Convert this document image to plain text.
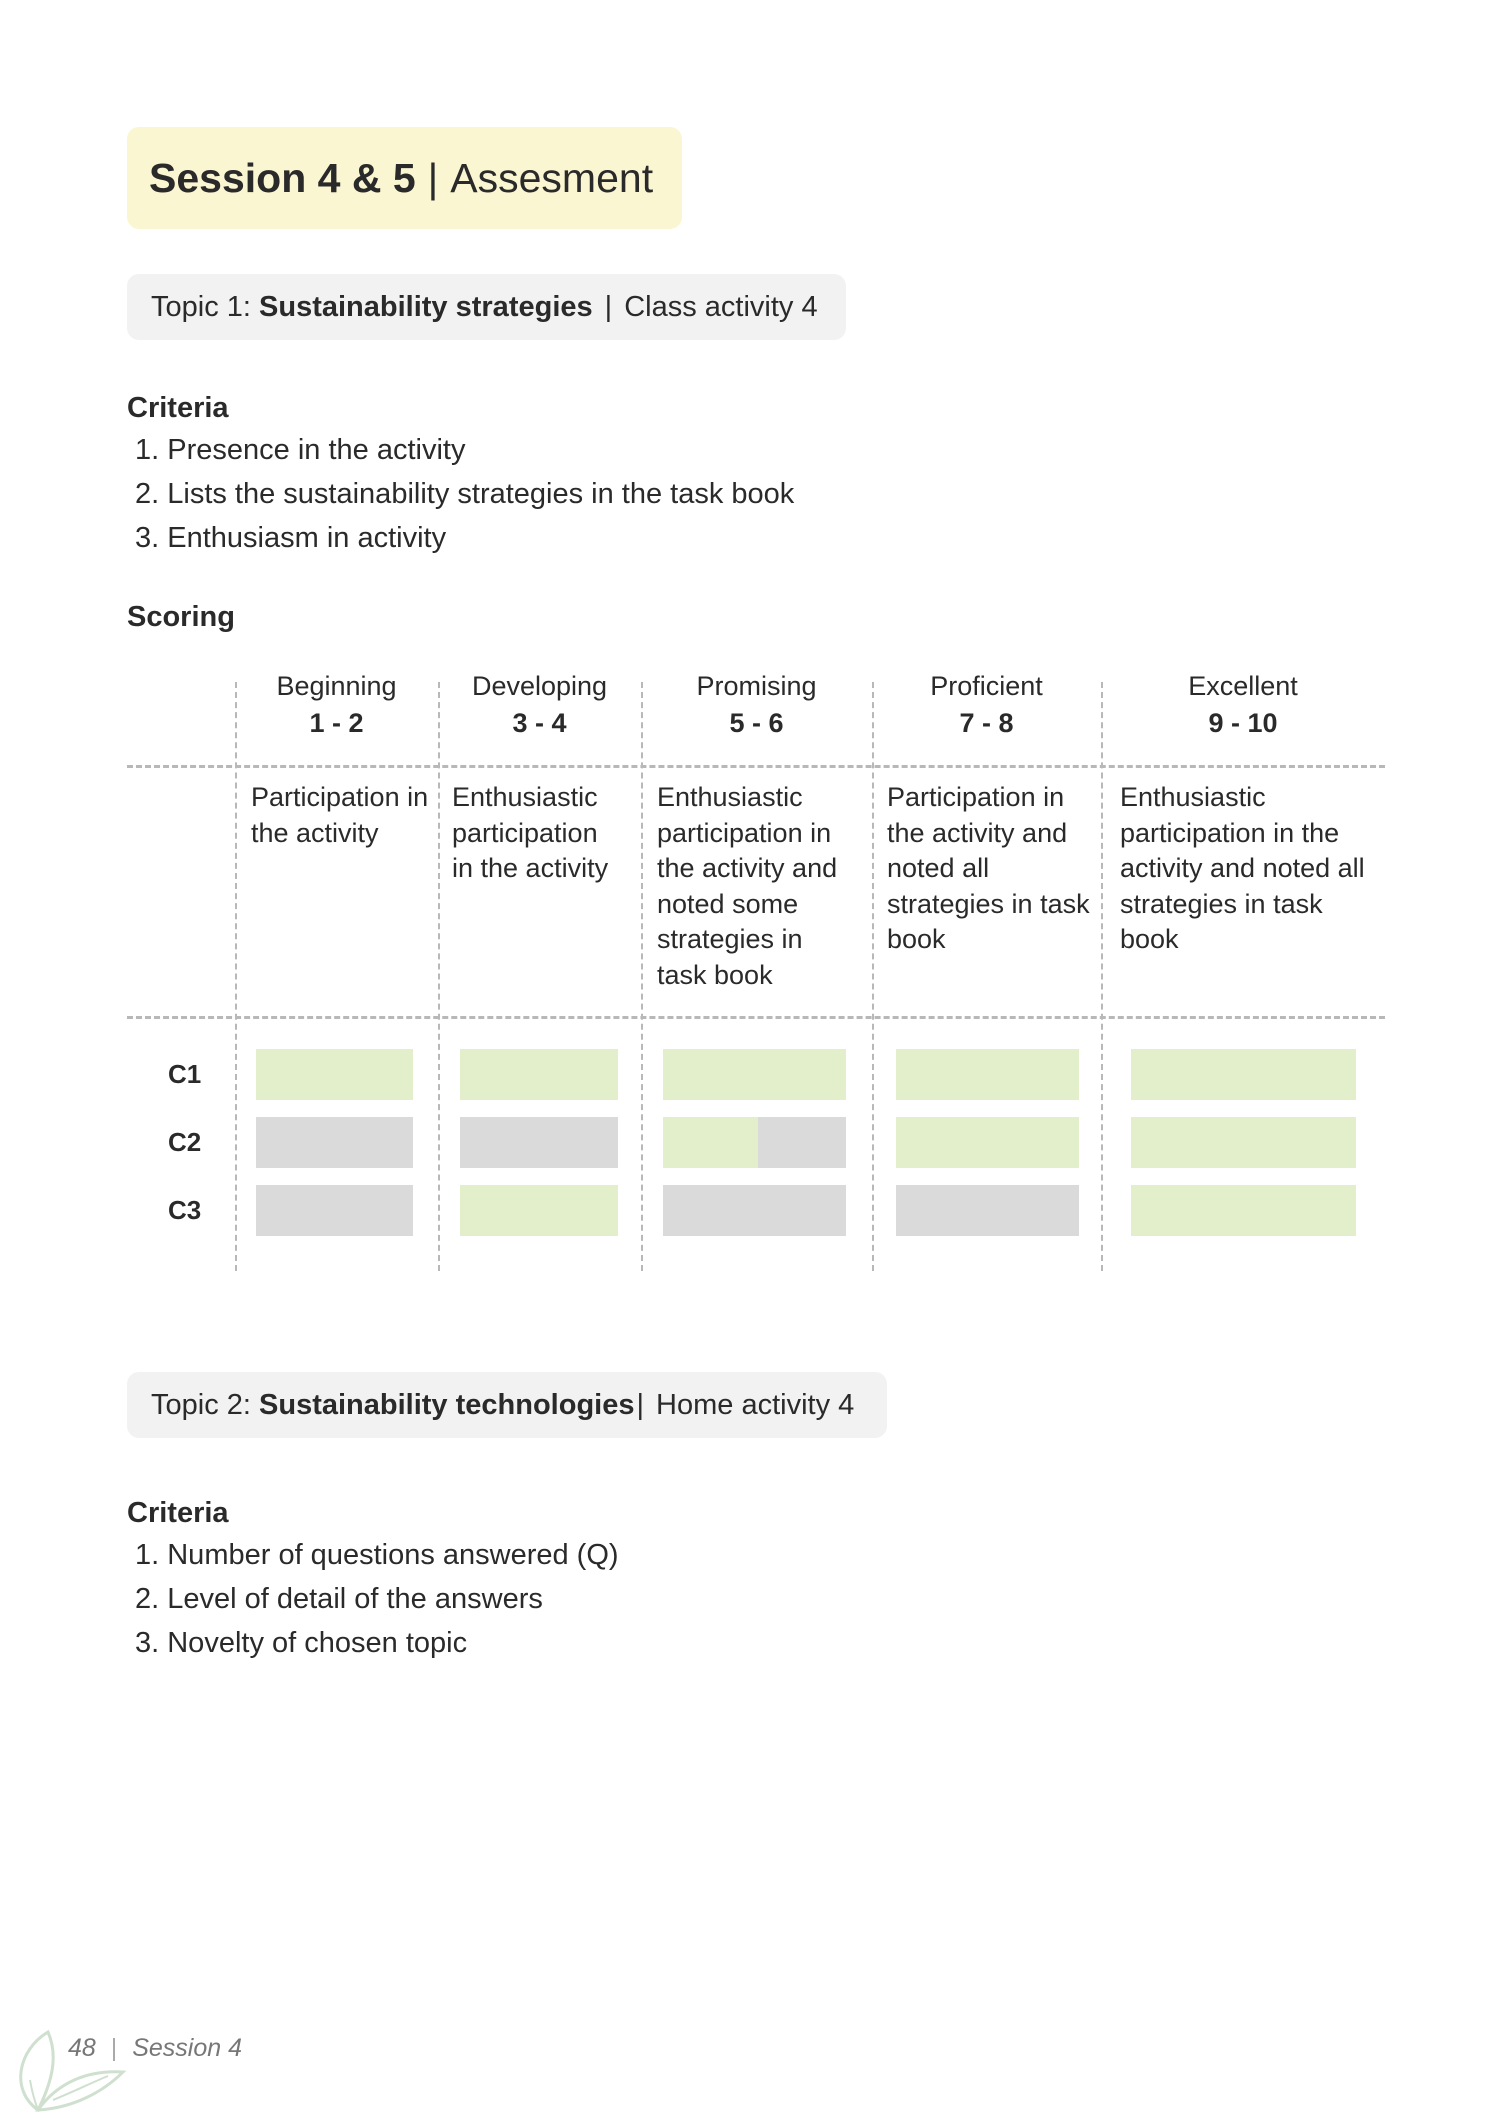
Session 4 & 5 | Assesment
Topic 1:
Sustainability strategies | Class activity 4
Criteria
1. Presence in the activity
2. Lists the sustainability strategies in the task book
3. Enthusiasm in activity
Scoring
Beginning
1 - 2
Participation in the activity
Developing
3 - 4
Enthusiastic participation in the activity
Promising
5 - 6
Enthusiastic participation in the activity and noted some strategies in task book
Proficient
7 - 8
Participation in the activity and noted all strategies in task book
Excellent
9 - 10
Enthusiastic participation in the activity and noted all strategies in task book
C1
C2
C3
Topic 2:
Sustainability technologies | Home activity 4
Criteria
1. Number of questions answered (Q)
2. Level of detail of the answers
3. Novelty of chosen topic
48 | Session 4
